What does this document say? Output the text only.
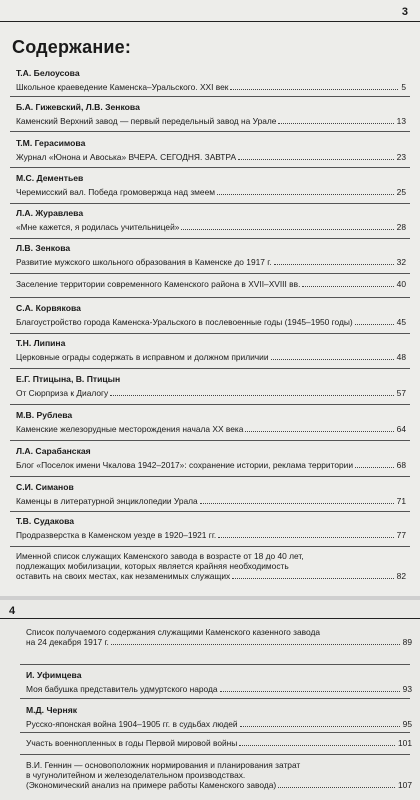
3
Содержание:
Т.А. Белоусова
Школьное краеведение Каменска–Уральского. XXI век	5
Б.А. Гижевский, Л.В. Зенкова
Каменский Верхний завод — первый передельный завод на Урале	13
Т.М. Герасимова
Журнал «Юнона и Авоська» ВЧЕРА. СЕГОДНЯ. ЗАВТРА	23
М.С. Дементьев
Черемисский вал. Победа громовержца над змеем	25
Л.А. Журавлева
«Мне кажется, я родилась учительницей»	28
Л.В. Зенкова
Развитие мужского школьного образования в Каменске до 1917 г.	32
Заселение территории современного Каменского района в XVII–XVIII вв.	40
С.А. Корвякова
Благоустройство города Каменска-Уральского в послевоенные годы (1945–1950 годы)	45
Т.Н. Липина
Церковные ограды содержать в исправном и должном приличии	48
Е.Г. Птицына, В. Птицын
От Сюрприза к Диалогу	57
М.В. Рублева
Каменские железорудные месторождения начала XX века	64
Л.А. Сарабанская
Блог «Поселок имени Чкалова 1942–2017»: сохранение истории, реклама территории	68
С.И. Симанов
Каменцы в литературной энциклопедии Урала	71
Т.В. Судакова
Продразверстка в Каменском уезде в 1920–1921 гг.	77
Именной список служащих Каменского завода в возрасте от 18 до 40 лет,
подлежащих мобилизации, которых является крайняя необходимость
оставить на своих местах, как незаменимых служащих	82
4
Список получаемого содержания служащими Каменского казенного завода
на 24 декабря 1917 г.	89
И. Уфимцева
Моя бабушка представитель удмуртского народа	93
М.Д. Черняк
Русско-японская война 1904–1905 гг. в судьбах людей	95
Участь военнопленных в годы Первой мировой войны	101
В.И. Геннин — основоположник нормирования и планирования затрат
в чугунолитейном и железоделательном производствах.
(Экономический анализ на примере работы Каменского завода)	107
